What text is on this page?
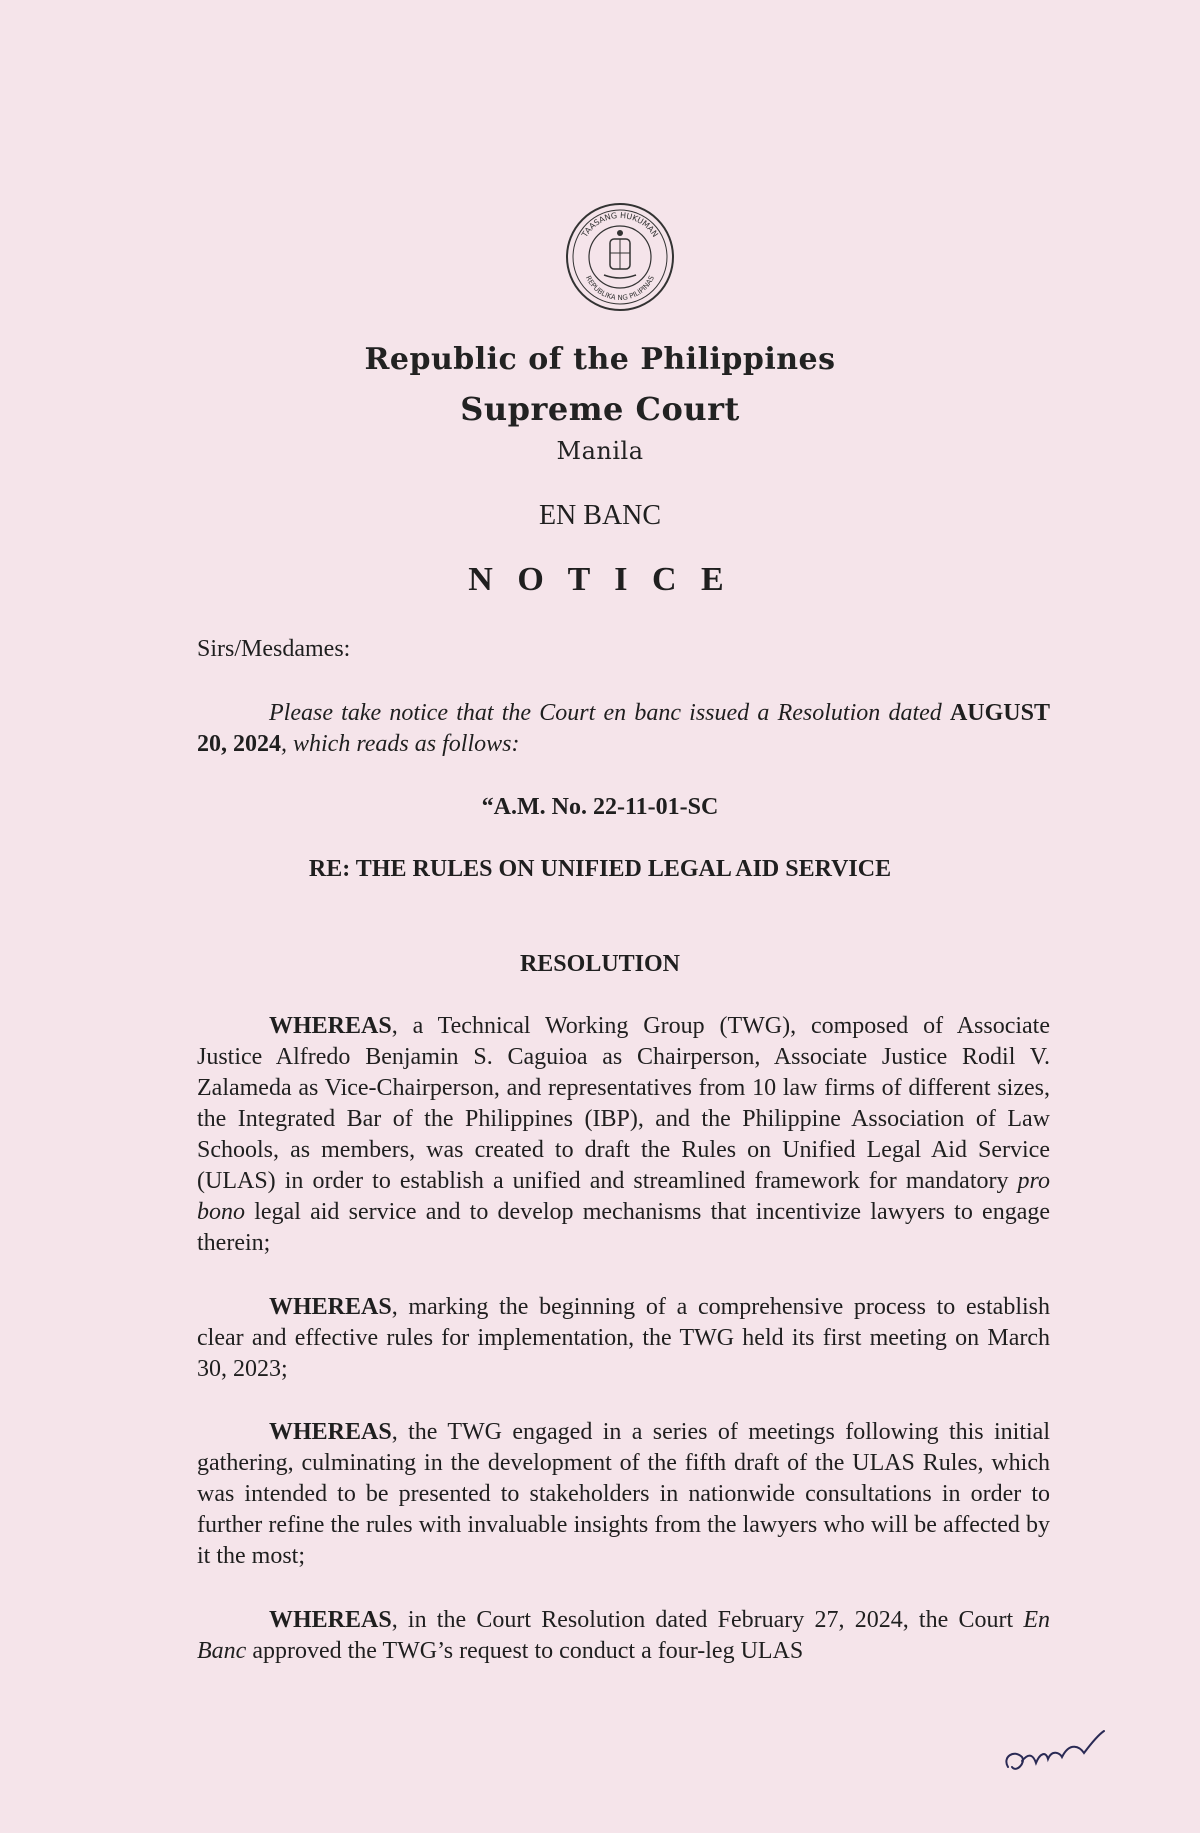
TAASANG HUKUMAN
REPUBLIKA NG PILIPINAS
Republic of the Philippines
Supreme Court
Manila
EN BANC
N O T I C E
Sirs/Mesdames:
Please take notice that the Court en banc issued a Resolution dated AUGUST 20, 2024, which reads as follows:
“A.M. No. 22-11-01-SC
RE: THE RULES ON UNIFIED LEGAL AID SERVICE
RESOLUTION
WHEREAS, a Technical Working Group (TWG), composed of Associate Justice Alfredo Benjamin S. Caguioa as Chairperson, Associate Justice Rodil V. Zalameda as Vice-Chairperson, and representatives from 10 law firms of different sizes, the Integrated Bar of the Philippines (IBP), and the Philippine Association of Law Schools, as members, was created to draft the Rules on Unified Legal Aid Service (ULAS) in order to establish a unified and streamlined framework for mandatory pro bono legal aid service and to develop mechanisms that incentivize lawyers to engage therein;
WHEREAS, marking the beginning of a comprehensive process to establish clear and effective rules for implementation, the TWG held its first meeting on March 30, 2023;
WHEREAS, the TWG engaged in a series of meetings following this initial gathering, culminating in the development of the fifth draft of the ULAS Rules, which was intended to be presented to stakeholders in nationwide consultations in order to further refine the rules with invaluable insights from the lawyers who will be affected by it the most;
WHEREAS, in the Court Resolution dated February 27, 2024, the Court En Banc approved the TWG’s request to conduct a four-leg ULAS
